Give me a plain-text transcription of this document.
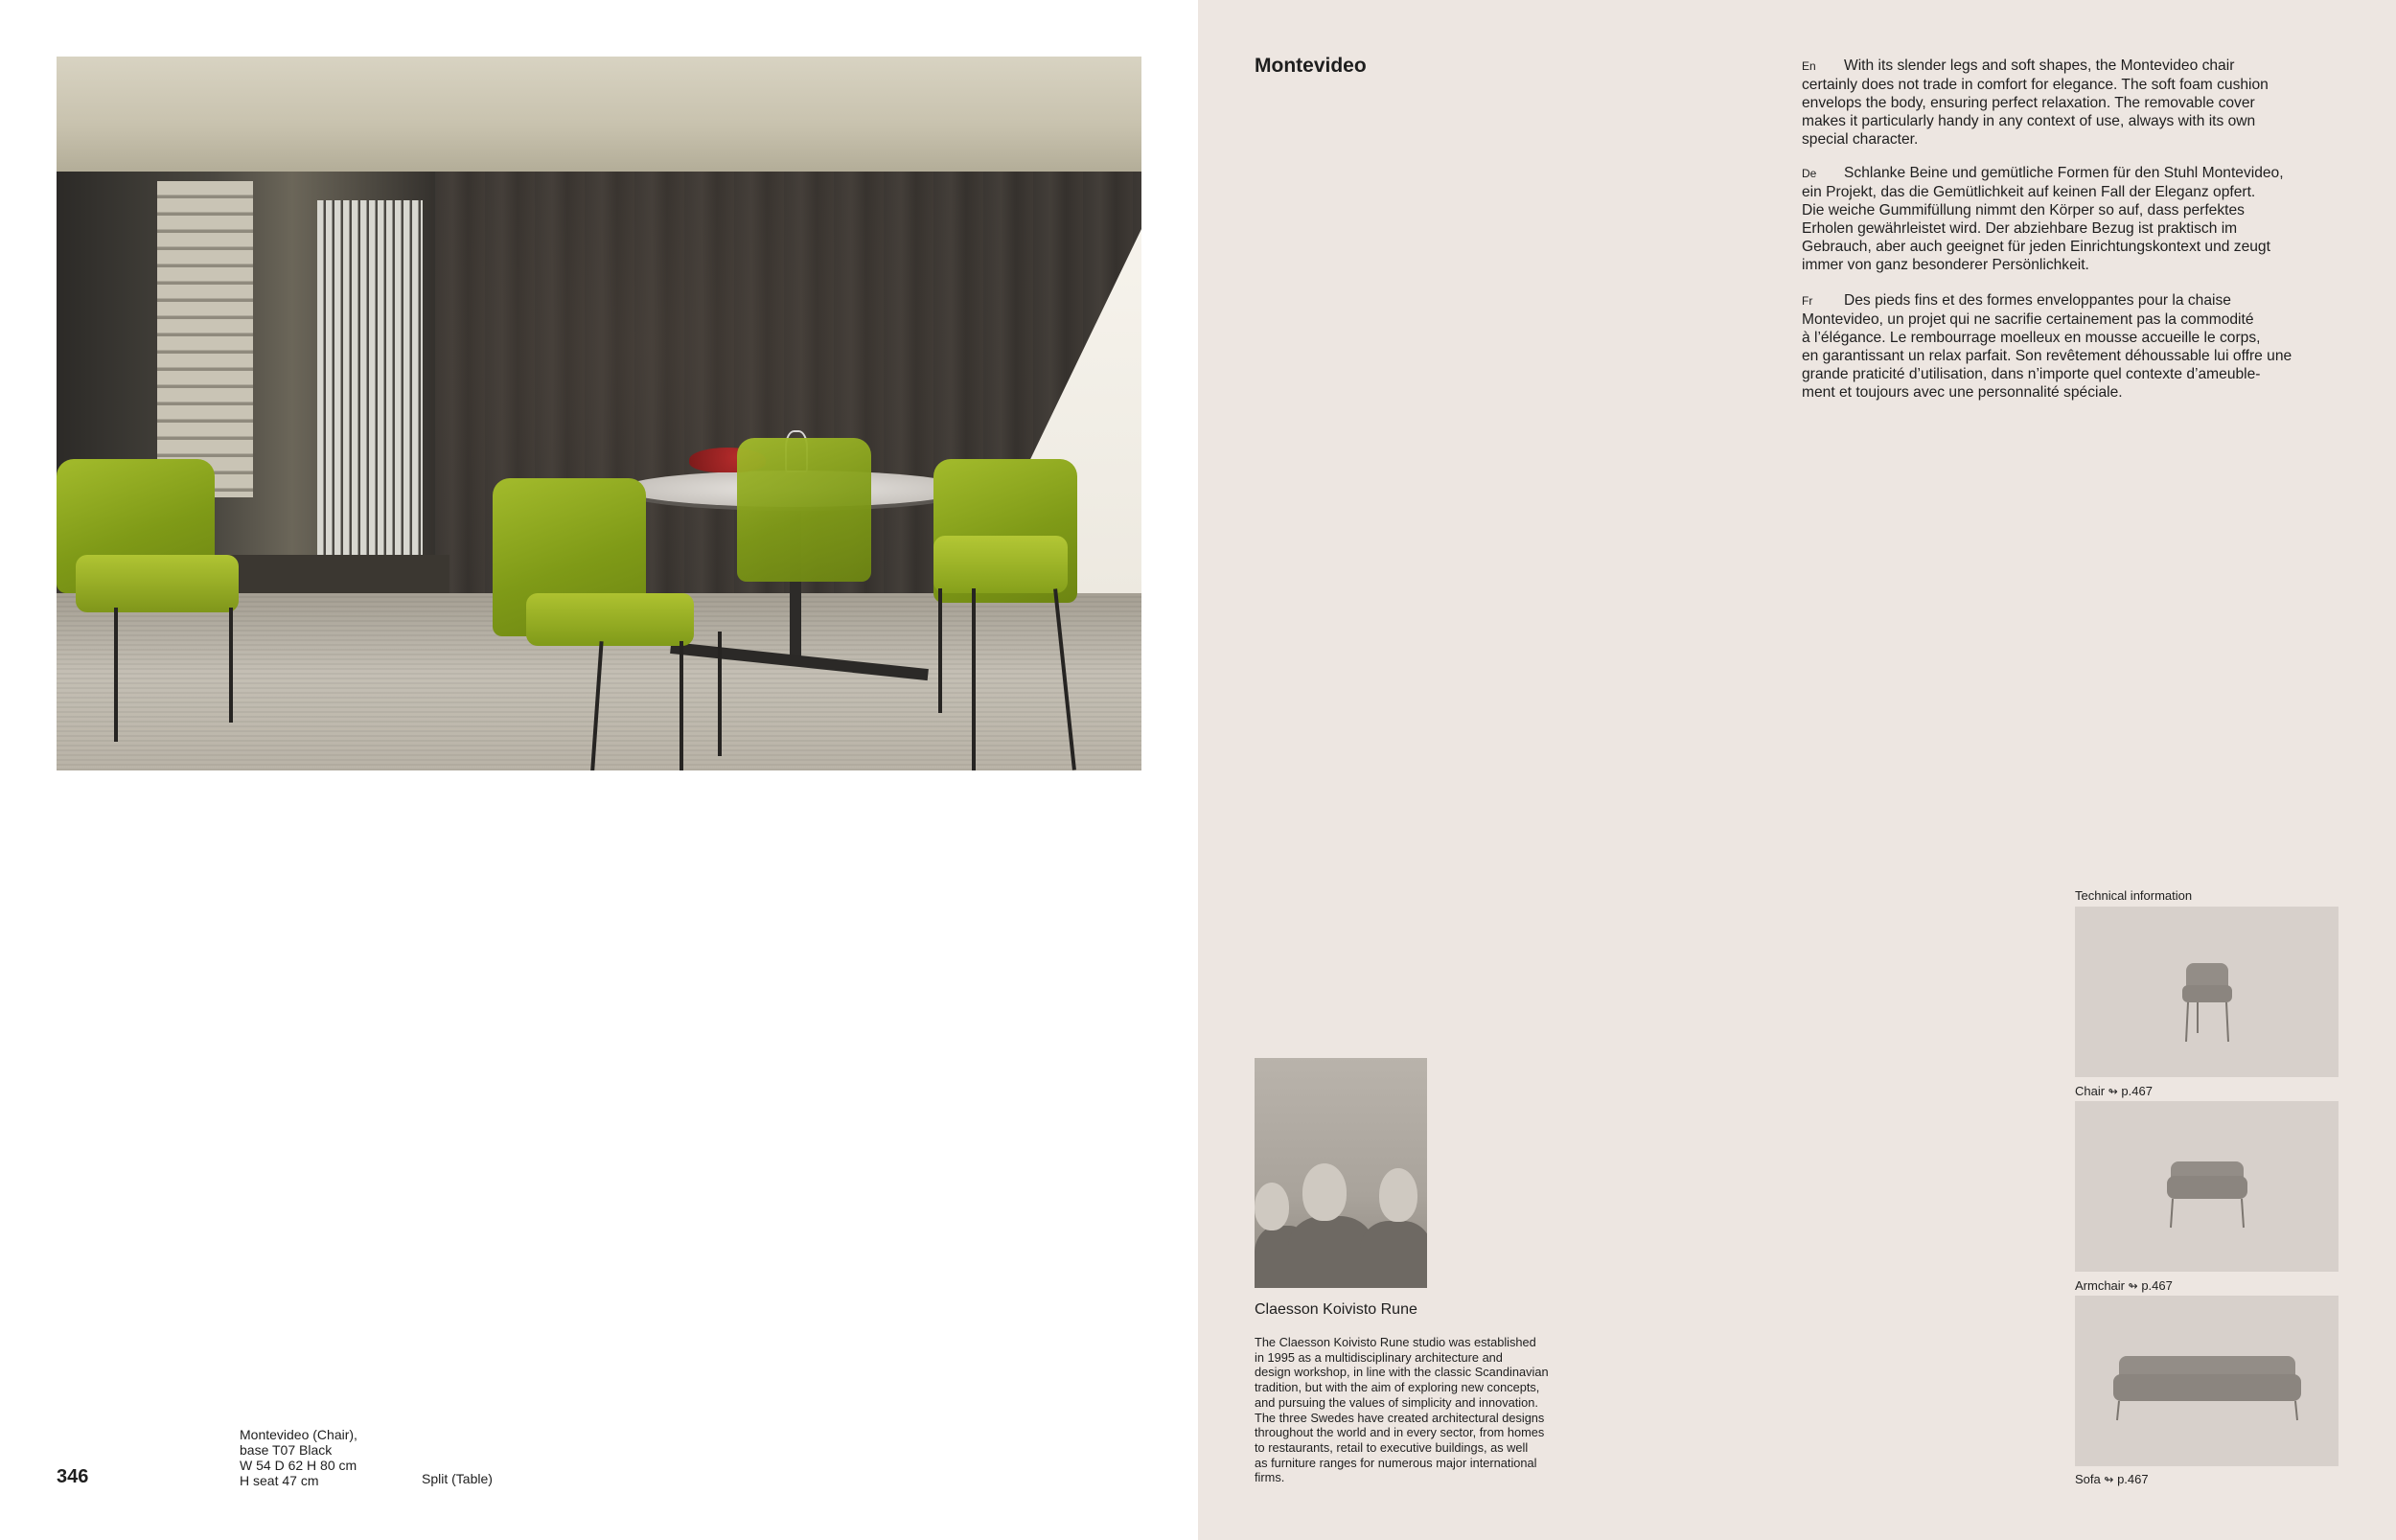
346
Montevideo (Chair),
base T07 Black
W 54 D 62 H 80 cm
H seat 47 cm	Split (Table)
Montevideo	En With its slender legs and soft shapes, the Montevideo chair
certainly does not trade in comfort for elegance. The soft foam cushion
envelops the body, ensuring perfect relaxation. The removable cover
makes it particularly handy in any context of use, always with its own
special character.
De Schlanke Beine und gemütliche Formen für den Stuhl Montevideo,
ein Projekt, das die Gemütlichkeit auf keinen Fall der Eleganz opfert.
Die weiche Gummifüllung nimmt den Körper so auf, dass perfektes
Erholen gewährleistet wird. Der abziehbare Bezug ist praktisch im
Gebrauch, aber auch geeignet für jeden Einrichtungskontext und zeugt
immer von ganz besonderer Persönlichkeit.
Fr Des pieds fins et des formes enveloppantes pour la chaise
Montevideo, un projet qui ne sacrifie certainement pas la commodité
à l’élégance. Le rembourrage moelleux en mousse accueille le corps,
en garantissant un relax parfait. Son revêtement déhoussable lui offre une
grande praticité d’utilisation, dans n’importe quel contexte d’ameuble-
ment et toujours avec une personnalité spéciale.
Claesson Koivisto Rune
The Claesson Koivisto Rune studio was established
in 1995 as a multidisciplinary architecture and
design workshop, in line with the classic Scandinavian
tradition, but with the aim of exploring new concepts,
and pursuing the values of simplicity and innovation.
The three Swedes have created architectural designs
throughout the world and in every sector, from homes
to restaurants, retail to executive buildings, as well
as furniture ranges for numerous major international
firms.
Technical information
Chair ↬ p.467
Armchair ↬ p.467
Sofa ↬ p.467
